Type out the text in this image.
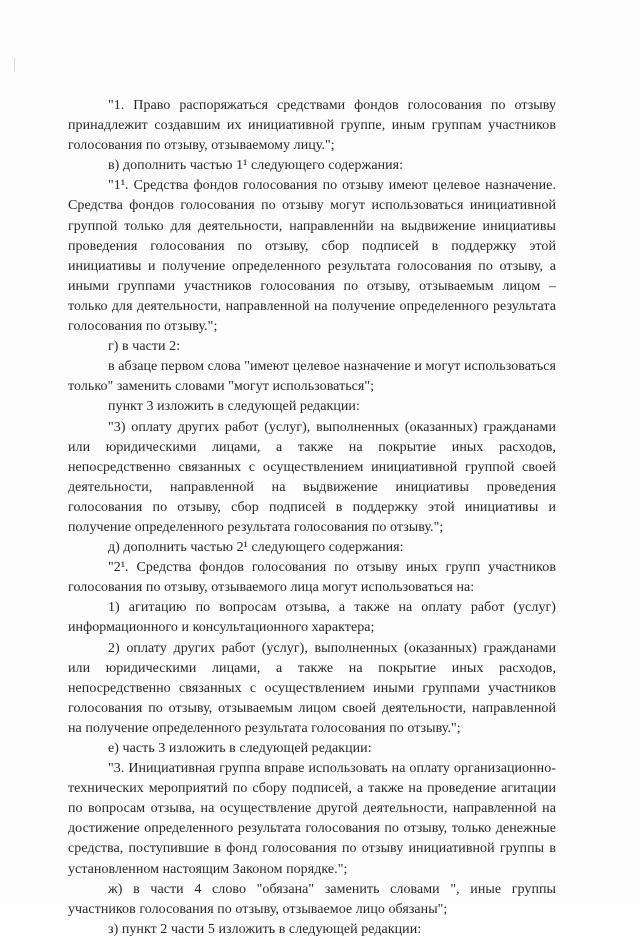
"1. Право распоряжаться средствами фондов голосования по отзыву принадлежит создавшим их инициативной группе, иным группам участников голосования по отзыву, отзываемому лицу.";

в) дополнить частью 1¹ следующего содержания:

"1¹. Средства фондов голосования по отзыву имеют целевое назначение. Средства фондов голосования по отзыву могут использоваться инициативной группой только для деятельности, направленнйи на выдвижение инициативы проведения голосования по отзыву, сбор подписей в поддержку этой инициативы и получение определенного результата голосования по отзыву, а иными группами участников голосования по отзыву, отзываемым лицом – только для деятельности, направленной на получение определенного результата голосования по отзыву.";

г) в части 2:

в абзаце первом слова "имеют целевое назначение и могут использоваться только" заменить словами "могут использоваться";

пункт 3 изложить в следующей редакции:

"3) оплату других работ (услуг), выполненных (оказанных) гражданами или юридическими лицами, а также на покрытие иных расходов, непосредственно связанных с осуществлением инициативной группой своей деятельности, направленной на выдвижение инициативы проведения голосования по отзыву, сбор подписей в поддержку этой инициативы и получение определенного результата голосования по отзыву.";

д) дополнить частью 2¹ следующего содержания:

"2¹. Средства фондов голосования по отзыву иных групп участников голосования по отзыву, отзываемого лица могут использоваться на:

1) агитацию по вопросам отзыва, а также на оплату работ (услуг) информационного и консультационного характера;

2) оплату других работ (услуг), выполненных (оказанных) гражданами или юридическими лицами, а также на покрытие иных расходов, непосредственно связанных с осуществлением иными группами участников голосования по отзыву, отзываемым лицом своей деятельности, направленной на получение определенного результата голосования по отзыву.";

е) часть 3 изложить в следующей редакции:

"3. Инициативная группа вправе использовать на оплату организационно-технических мероприятий по сбору подписей, а также на проведение агитации по вопросам отзыва, на осуществление другой деятельности, направленной на достижение определенного результата голосования по отзыву, только денежные средства, поступившие в фонд голосования по отзыву инициативной группы в установленном настоящим Законом порядке.";

ж) в части 4 слово "обязана" заменить словами ", иные группы участников голосования по отзыву, отзываемое лицо обязаны";

з) пункт 2 части 5 изложить в следующей редакции:
